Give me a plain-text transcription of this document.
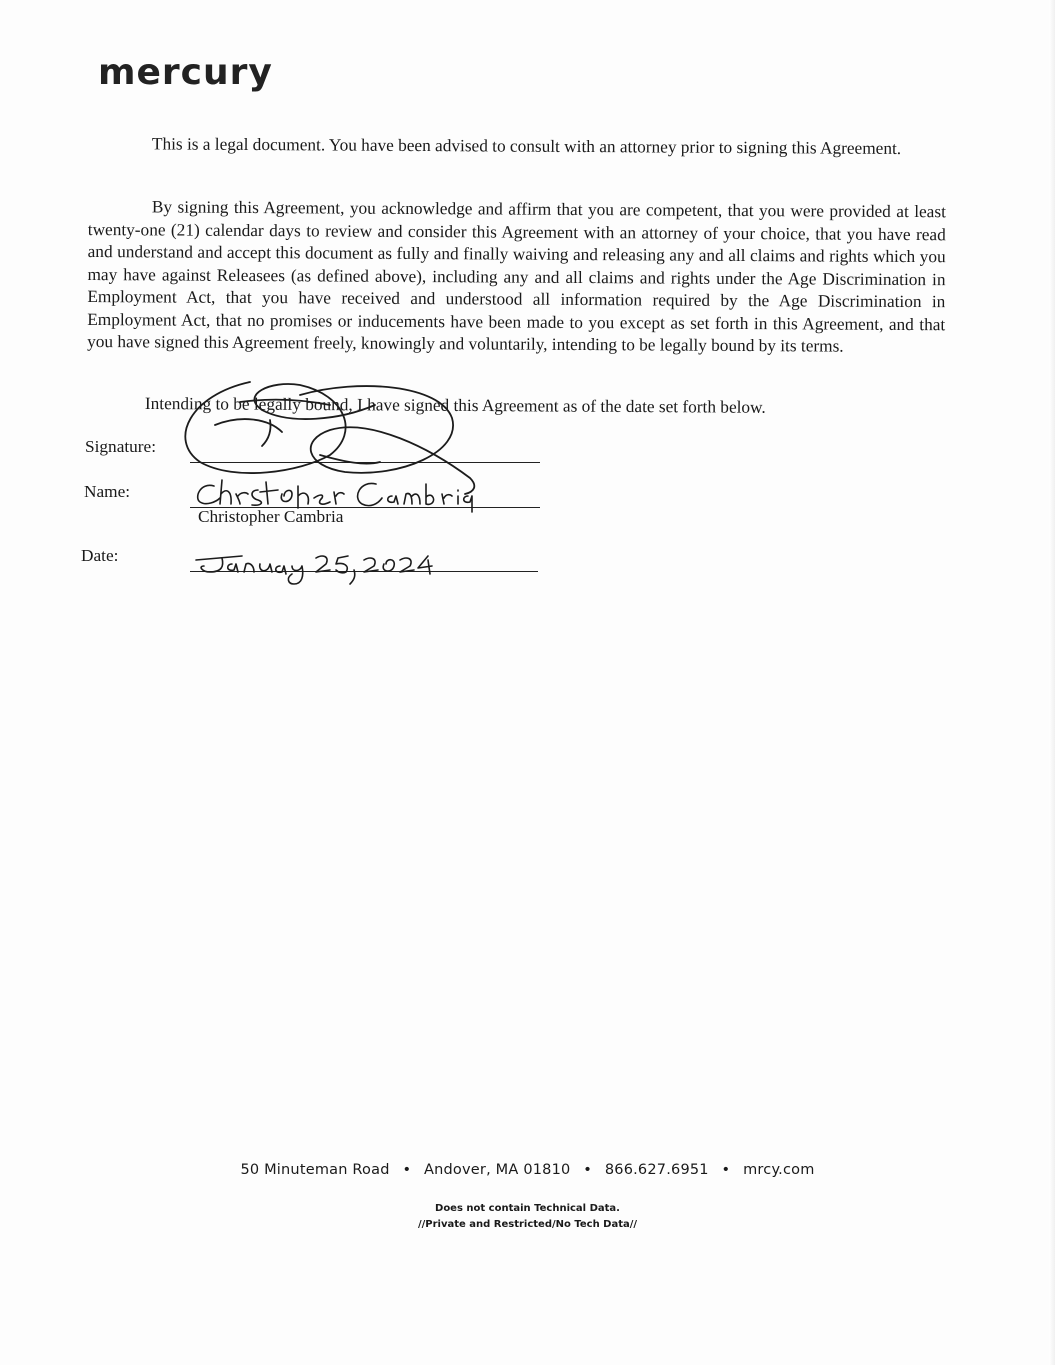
mercury

This is a legal document. You have been advised to consult with an attorney prior to signing this Agreement.

By signing this Agreement, you acknowledge and affirm that you are competent, that you were provided at least twenty-one (21) calendar days to review and consider this Agreement with an attorney of your choice, that you have read and understand and accept this document as fully and finally waiving and releasing any and all claims and rights which you may have against Releasees (as defined above), including any and all claims and rights under the Age Discrimination in Employment Act, that you have received and understood all information required by the Age Discrimination in Employment Act, that no promises or inducements have been made to you except as set forth in this Agreement, and that you have signed this Agreement freely, knowingly and voluntarily, intending to be legally bound by its terms.

Intending to be legally bound, I have signed this Agreement as of the date set forth below.
Signature:
Name:
Christopher Cambria
Date:
50 Minuteman Road • Andover, MA 01810 • 866.627.6951 • mrcy.com
Does not contain Technical Data.
//Private and Restricted/No Tech Data//
